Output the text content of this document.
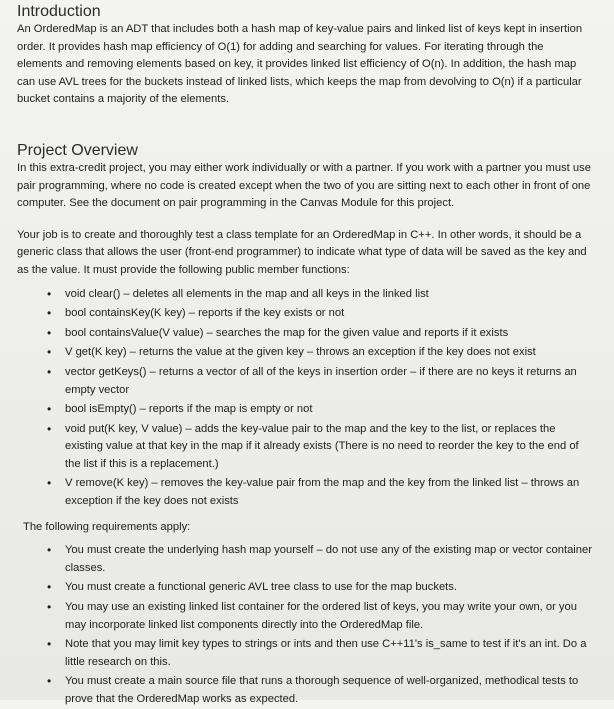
Introduction

An OrderedMap is an ADT that includes both a hash map of key-value pairs and linked list of keys kept in insertion order. It provides hash map efficiency of O(1) for adding and searching for values. For iterating through the elements and removing elements based on key, it provides linked list efficiency of O(n). In addition, the hash map can use AVL trees for the buckets instead of linked lists, which keeps the map from devolving to O(n) if a particular bucket contains a majority of the elements.

Project Overview

In this extra-credit project, you may either work individually or with a partner. If you work with a partner you must use pair programming, where no code is created except when the two of you are sitting next to each other in front of one computer. See the document on pair programming in the Canvas Module for this project.

Your job is to create and thoroughly test a class template for an OrderedMap in C++. In other words, it should be a generic class that allows the user (front-end programmer) to indicate what type of data will be saved as the key and as the value. It must provide the following public member functions:

• void clear() – deletes all elements in the map and all keys in the linked list
• bool containsKey(K key) – reports if the key exists or not
• bool containsValue(V value) – searches the map for the given value and reports if it exists
• V get(K key) – returns the value at the given key – throws an exception if the key does not exist
• vector getKeys() – returns a vector of all of the keys in insertion order – if there are no keys it returns an empty vector
• bool isEmpty() – reports if the map is empty or not
• void put(K key, V value) – adds the key-value pair to the map and the key to the list, or replaces the existing value at that key in the map if it already exists (There is no need to reorder the key to the end of the list if this is a replacement.)
• V remove(K key) – removes the key-value pair from the map and the key from the linked list – throws an exception if the key does not exists

The following requirements apply:

• You must create the underlying hash map yourself – do not use any of the existing map or vector container classes.
• You must create a functional generic AVL tree class to use for the map buckets.
• You may use an existing linked list container for the ordered list of keys, you may write your own, or you may incorporate linked list components directly into the OrderedMap file.
• Note that you may limit key types to strings or ints and then use C++11's is_same to test if it's an int. Do a little research on this.
• You must create a main source file that runs a thorough sequence of well-organized, methodical tests to prove that the OrderedMap works as expected.
